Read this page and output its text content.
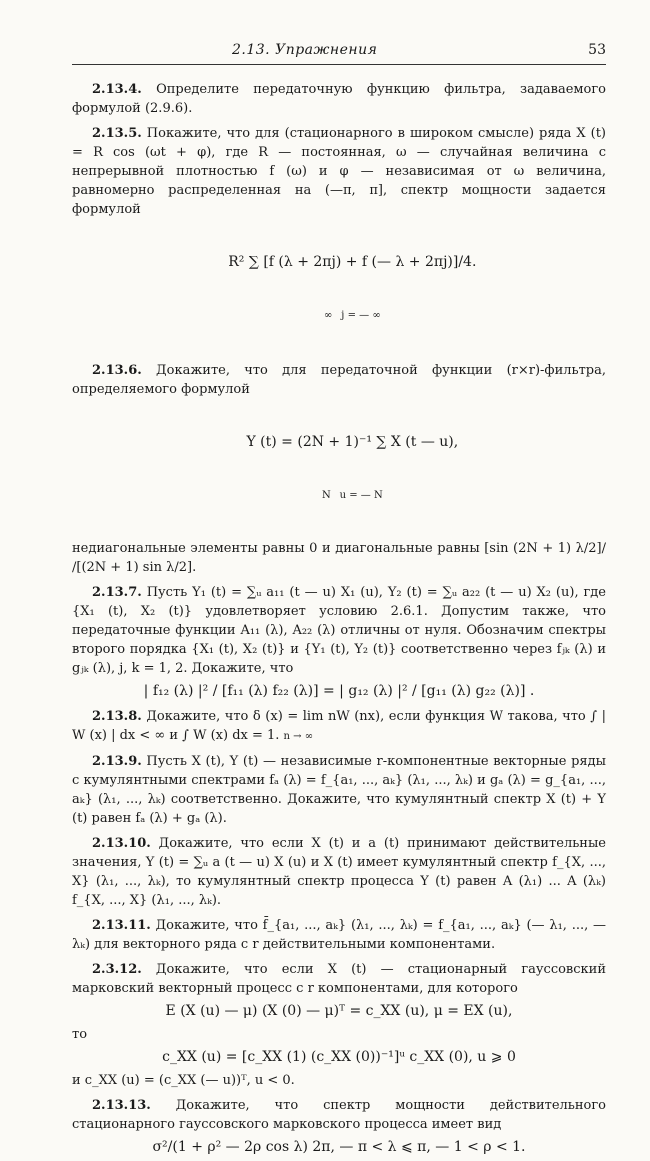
2.13. Упражнения	53

2.13.4. Определите передаточную функцию фильтра, задаваемого формулой (2.9.6).

2.13.5. Покажите, что для (стационарного в широком смысле) ряда X (t) = R cos (ωt + φ), где R — постоянная, ω — случайная величина с непрерывной плотностью f (ω) и φ — независимая от ω величина, равномерно распределенная на (—π, π], спектр мощности задается формулой

R² ∑ [f (λ + 2πj) + f (— λ + 2πj)]/4.

∞ j = — ∞

2.13.6. Докажите, что для передаточной функции (r×r)-фильтра, определяемого формулой

Y (t) = (2N + 1)⁻¹ ∑ X (t — u),

N u = — N

недиагональные элементы равны 0 и диагональные равны [sin (2N + 1) λ/2]/ /[(2N + 1) sin λ/2].

2.13.7. Пусть Y₁ (t) = ∑ᵤ a₁₁ (t — u) X₁ (u), Y₂ (t) = ∑ᵤ a₂₂ (t — u) X₂ (u), где {X₁ (t), X₂ (t)} удовлетворяет условию 2.6.1. Допустим также, что передаточные функции A₁₁ (λ), A₂₂ (λ) отличны от нуля. Обозначим спектры второго порядка {X₁ (t), X₂ (t)} и {Y₁ (t), Y₂ (t)} соответственно через fⱼₖ (λ) и gⱼₖ (λ), j, k = 1, 2. Докажите, что

| f₁₂ (λ) |² / [f₁₁ (λ) f₂₂ (λ)] = | g₁₂ (λ) |² / [g₁₁ (λ) g₂₂ (λ)] .

2.13.8. Докажите, что δ (x) = lim nW (nx), если функция W такова, что ∫ | W (x) | dx < ∞ и ∫ W (x) dx = 1. n → ∞

2.13.9. Пусть X (t), Y (t) — независимые r-компонентные векторные ряды с кумулянтными спектрами fₐ (λ) = f_{a₁, ..., aₖ} (λ₁, ..., λₖ) и gₐ (λ) = g_{a₁, ..., aₖ} (λ₁, ..., λₖ) соответственно. Докажите, что кумулянтный спектр X (t) + Y (t) равен fₐ (λ) + gₐ (λ).

2.13.10. Докажите, что если X (t) и a (t) принимают действительные значения, Y (t) = ∑ᵤ a (t — u) X (u) и X (t) имеет кумулянтный спектр f_{X, ..., X} (λ₁, ..., λₖ), то кумулянтный спектр процесса Y (t) равен A (λ₁) ... A (λₖ) f_{X, ..., X} (λ₁, ..., λₖ).

2.13.11. Докажите, что f̄_{a₁, ..., aₖ} (λ₁, ..., λₖ) = f_{a₁, ..., aₖ} (— λ₁, ..., — λₖ) для векторного ряда с r действительными компонентами.

2.3.12. Докажите, что если X (t) — стационарный гауссовский марковский векторный процесс с r компонентами, для которого

E (X (u) — μ) (X (0) — μ)ᵀ = c_XX (u), μ = EX (u),

то

c_XX (u) = [c_XX (1) (c_XX (0))⁻¹]ᵘ c_XX (0), u ⩾ 0

и c_XX (u) = (c_XX (— u))ᵀ, u < 0.

2.13.13. Докажите, что спектр мощности действительного стационарного гауссовского марковского процесса имеет вид

σ²/(1 + ρ² — 2ρ cos λ) 2π, — π < λ ⩽ π, — 1 < ρ < 1.
